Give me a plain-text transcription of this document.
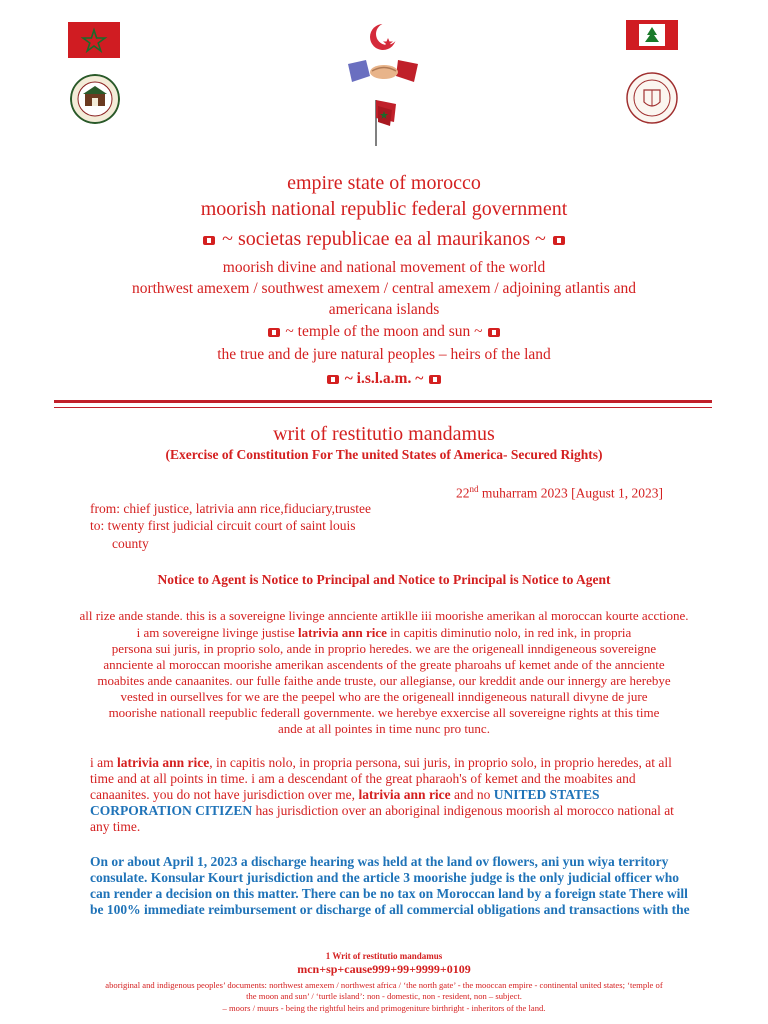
empire state of morocco
moorish national republic federal government
~ societas republicae ea al maurikanos ~
moorish divine and national movement of the world
northwest amexem / southwest amexem / central amexem / adjoining atlantis and
americana islands
~ temple of the moon and sun ~
the true and de jure natural peoples – heirs of the land
~ i.s.l.a.m. ~
writ of restitutio mandamus
(Exercise of Constitution For The united States of America- Secured Rights)
22nd muharram 2023 [August 1, 2023]
from: chief justice, latrivia ann rice,fiduciary,trustee
to: twenty first judicial circuit court of saint louis
county
Notice to Agent is Notice to Principal and Notice to Principal is Notice to Agent
all rize ande stande. this is a sovereigne livinge annciente artiklle iii moorishe amerikan al moroccan kourte acctione.
i am sovereigne livinge justise latrivia ann rice in capitis diminutio nolo, in red ink, in propria
persona sui juris, in proprio solo, ande in proprio heredes. we are the origeneall inndigeneous sovereigne
annciente al moroccan moorishe amerikan ascendents of the greate pharoahs uf kemet ande of the annciente
moabites ande canaanites. our fulle faithe ande truste, our allegianse, our kreddit ande our innergy are herebye
vested in oursellves for we are the peepel who are the origeneall inndigeneous naturall divyne de jure
moorishe nationall reepublic federall governmente. we herebye exxercise all sovereigne rights at this time
ande at all pointes in time nunc pro tunc.
i am latrivia ann rice, in capitis nolo, in propria persona, sui juris, in proprio solo, in proprio heredes, at all
time and at all points in time. i am a descendant of the great pharaoh's of kemet and the moabites and
canaanites. you do not have jurisdiction over me, latrivia ann rice and no UNITED STATES
CORPORATION CITIZEN has jurisdiction over an aboriginal indigenous moorish al morocco national at
any time.
On or about April 1, 2023 a discharge hearing was held at the land ov flowers, ani yun wiya territory
consulate. Konsular Kourt jurisdiction and the article 3 moorishe judge is the only judicial officer who
can render a decision on this matter. There can be no tax on Moroccan land by a foreign state There will
be 100% immediate reimbursement or discharge of all commercial obligations and transactions with the
1 Writ of restitutio mandamus
mcn+sp+cause999+99+9999+0109
aboriginal and indigenous peoples’ documents: northwest amexem / northwest africa / ‘the north gate’ - the mooccan empire - continental united states; ‘temple of
the moon and sun’ / ‘turtle island’: non - domestic, non - resident, non – subject.
– moors / muurs - being the rightful heirs and primogeniture birthright - inheritors of the land.
